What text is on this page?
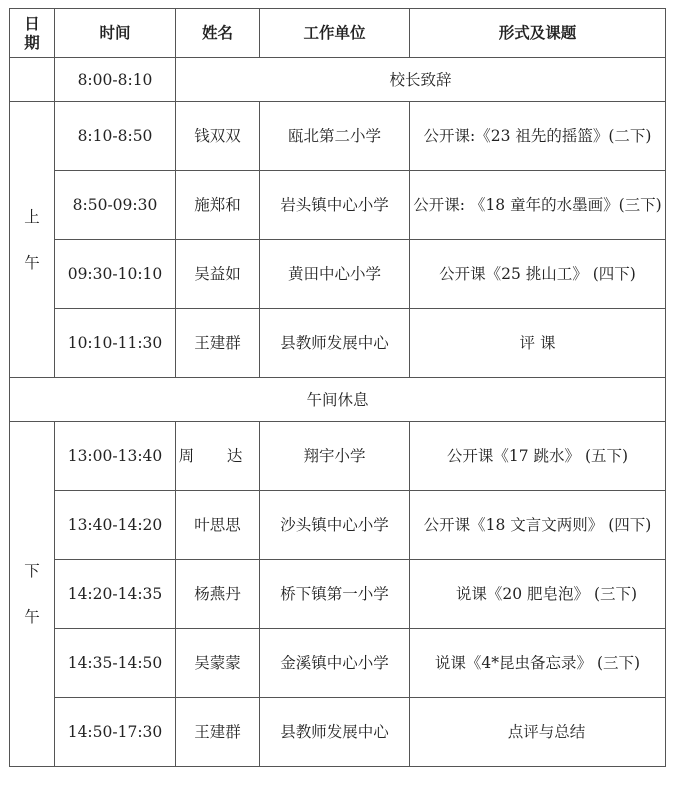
日
期	时间	姓名	工作单位	形式及课题
	8:00-8:10	校长致辞		

上
午	8:10-8:50	钱双双	瓯北第二小学	公开课:《23 祖先的摇篮》(二下)
	8:50-09:30	施郑和	岩头镇中心小学	公开课: 《18 童年的水墨画》(三下)
	09:30-10:10	吴益如	黄田中心小学	公开课《25 挑山工》 (四下)
	10:10-11:30	王建群	县教师发展中心	评 课
午间休息				

下
午	13:00-13:40	周 达	翔宇小学	公开课《17 跳水》 (五下)
	13:40-14:20	叶思思	沙头镇中心小学	公开课《18 文言文两则》 (四下)
	14:20-14:35	杨燕丹	桥下镇第一小学	说课《20 肥皂泡》 (三下)
	14:35-14:50	吴蒙蒙	金溪镇中心小学	说课《4*昆虫备忘录》 (三下)
	14:50-17:30	王建群	县教师发展中心	点评与总结
